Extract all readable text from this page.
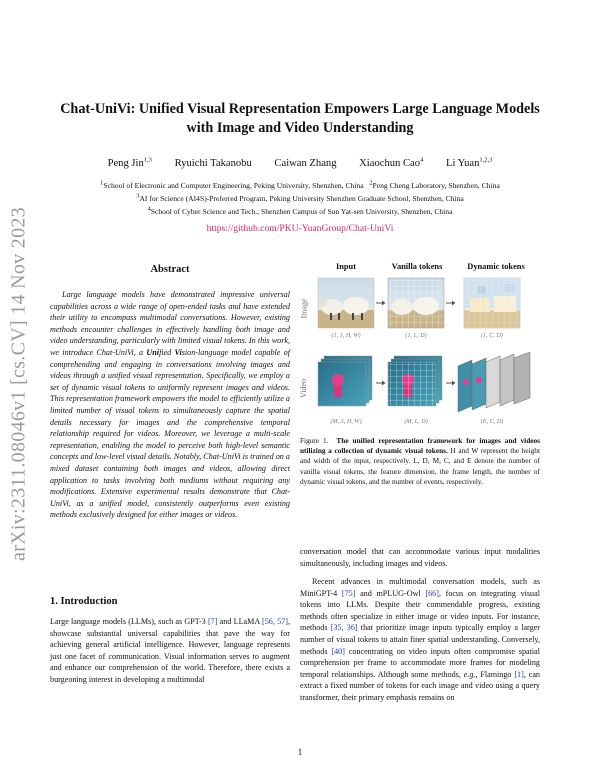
arXiv:2311.08046v1 [cs.CV] 14 Nov 2023
Chat-UniVi: Unified Visual Representation Empowers Large Language Models
with Image and Video Understanding
Peng Jin$^{1,3}$ Ryuichi Takanobu Caiwan Zhang Xiaochun Cao$^4$ Li Yuan$^{1,2,3}$
$^1$School of Electronic and Computer Engineering, Peking University, Shenzhen, China $^2$Peng Cheng Laboratory, Shenzhen, China
$^3$AI for Science (AI4S)-Preferred Program, Peking University Shenzhen Graduate School, Shenzhen, China
$^4$School of Cyber Science and Tech., Shenzhen Campus of Sun Yat-sen University, Shenzhen, China
https://github.com/PKU-YuanGroup/Chat-UniVi
Abstract
Large language models have demonstrated impressive universal capabilities across a wide range of open-ended tasks and have extended their utility to encompass multimodal conversations. However, existing methods encounter challenges in effectively handling both image and video understanding, particularly with limited visual tokens. In this work, we introduce Chat-UniVi, a Unified Vision-language model capable of comprehending and engaging in conversations involving images and videos through a unified visual representation. Specifically, we employ a set of dynamic visual tokens to uniformly represent images and videos. This representation framework empowers the model to efficiently utilize a limited number of visual tokens to simultaneously capture the spatial details necessary for images and the comprehensive temporal relationship required for videos. Moreover, we leverage a multi-scale representation, enabling the model to perceive both high-level semantic concepts and low-level visual details. Notably, Chat-UniVi is trained on a mixed dataset containing both images and videos, allowing direct application to tasks involving both mediums without requiring any modifications. Extensive experimental results demonstrate that Chat-UniVi, as a unified model, consistently outperforms even existing methods exclusively designed for either images or videos.
1. Introduction
Large language models (LLMs), such as GPT-3 [7] and LLaMA [56, 57], showcase substantial universal capabilities that pave the way for achieving general artificial intelligence. However, language represents just one facet of communication. Visual information serves to augment and enhance our comprehension of the world. Therefore, there exists a burgeoning interest in developing a multimodal
Input	Vanilla tokens	Dynamic tokens
Image
Video
(1, 3, H, W)	(1, L, D)	(1, C, D)
(M, 3, H, W)	(M, L, D)	(E, C, D)
Figure 1. The unified representation framework for images and videos utilizing a collection of dynamic visual tokens. H and W represent the height and width of the input, respectively. L, D, M, C, and E denote the number of vanilla visual tokens, the feature dimension, the frame length, the number of dynamic visual tokens, and the number of events, respectively.
conversation model that can accommodate various input modalities simultaneously, including images and videos.
Recent advances in multimodal conversation models, such as MiniGPT-4 [75] and mPLUG-Owl [66], focus on integrating visual tokens into LLMs. Despite their commendable progress, existing methods often specialize in either image or video inputs. For instance, methods [35, 36] that prioritize image inputs typically employ a larger number of visual tokens to attain finer spatial understanding. Conversely, methods [40] concentrating on video inputs often compromise spatial comprehension per frame to accommodate more frames for modeling temporal relationships. Although some methods, e.g., Flamingo [1], can extract a fixed number of tokens for each image and video using a query transformer, their primary emphasis remains on
1
